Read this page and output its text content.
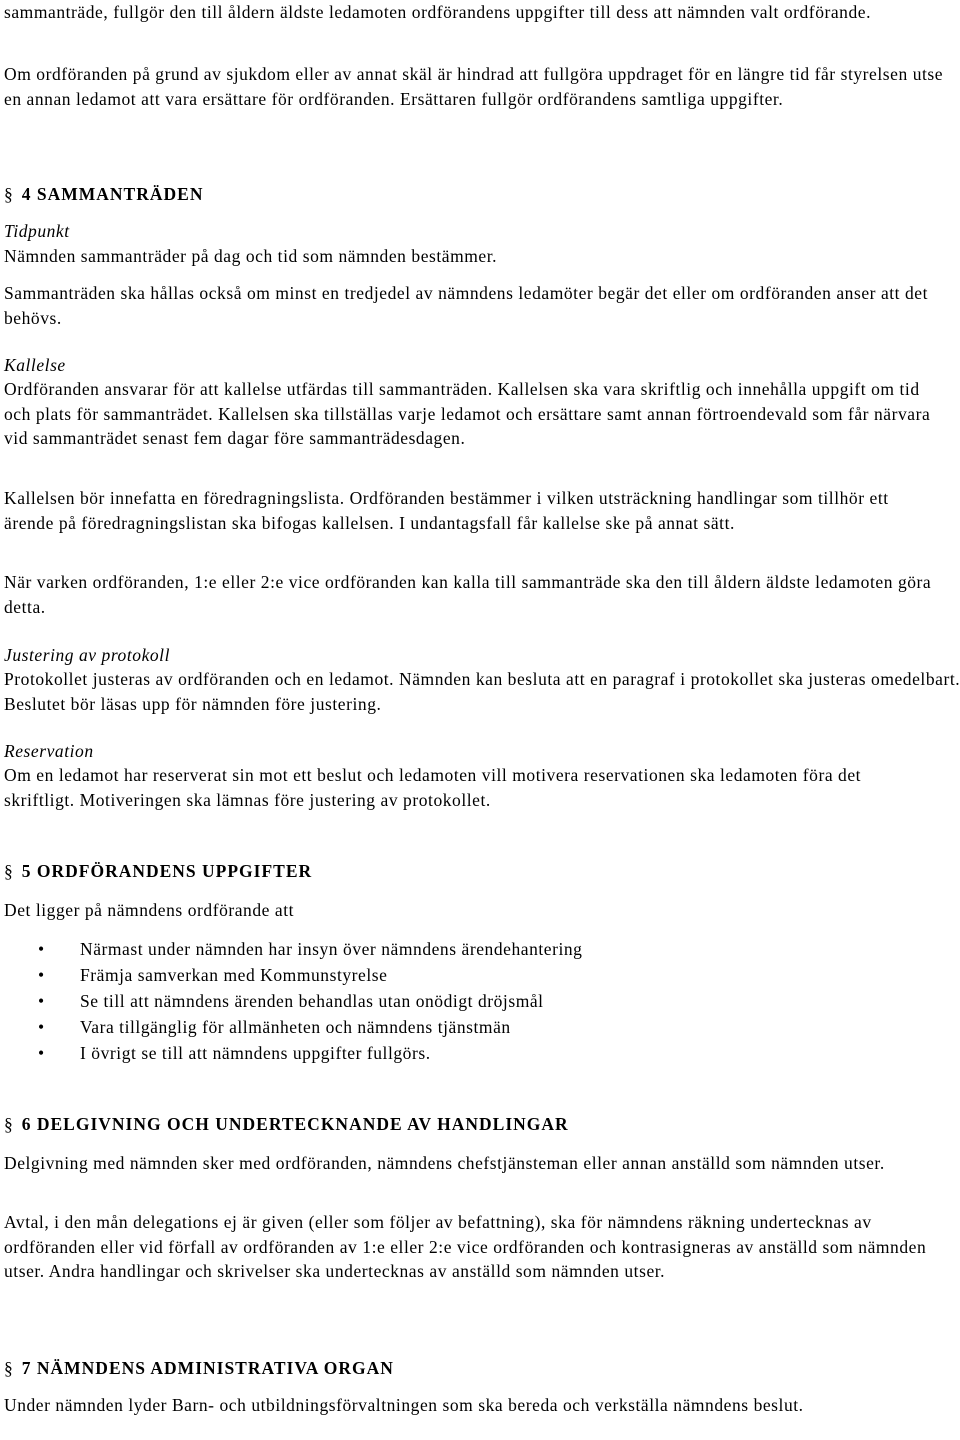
sammanträde, fullgör den till åldern äldste ledamoten ordförandens uppgifter till dess att nämnden valt ordförande.

Om ordföranden på grund av sjukdom eller av annat skäl är hindrad att fullgöra uppdraget för en längre tid får styrelsen utse en annan ledamot att vara ersättare för ordföranden. Ersättaren fullgör ordförandens samtliga uppgifter.

§ 4 SAMMANTRÄDEN

Tidpunkt

Nämnden sammanträder på dag och tid som nämnden bestämmer.

Sammanträden ska hållas också om minst en tredjedel av nämndens ledamöter begär det eller om ordföranden anser att det behövs.

Kallelse

Ordföranden ansvarar för att kallelse utfärdas till sammanträden. Kallelsen ska vara skriftlig och innehålla uppgift om tid och plats för sammanträdet. Kallelsen ska tillställas varje ledamot och ersättare samt annan förtroendevald som får närvara vid sammanträdet senast fem dagar före sammanträdesdagen.

Kallelsen bör innefatta en föredragningslista. Ordföranden bestämmer i vilken utsträckning handlingar som tillhör ett ärende på föredragningslistan ska bifogas kallelsen. I undantagsfall får kallelse ske på annat sätt.

När varken ordföranden, 1:e eller 2:e vice ordföranden kan kalla till sammanträde ska den till åldern äldste ledamoten göra detta.

Justering av protokoll

Protokollet justeras av ordföranden och en ledamot. Nämnden kan besluta att en paragraf i protokollet ska justeras omedelbart. Beslutet bör läsas upp för nämnden före justering.

Reservation

Om en ledamot har reserverat sin mot ett beslut och ledamoten vill motivera reservationen ska ledamoten föra det skriftligt. Motiveringen ska lämnas före justering av protokollet.

§ 5 ORDFÖRANDENS UPPGIFTER

Det ligger på nämndens ordförande att

• Närmast under nämnden har insyn över nämndens ärendehantering
• Främja samverkan med Kommunstyrelse
• Se till att nämndens ärenden behandlas utan onödigt dröjsmål
• Vara tillgänglig för allmänheten och nämndens tjänstmän
• I övrigt se till att nämndens uppgifter fullgörs.

§ 6 DELGIVNING OCH UNDERTECKNANDE AV HANDLINGAR

Delgivning med nämnden sker med ordföranden, nämndens chefstjänsteman eller annan anställd som nämnden utser.

Avtal, i den mån delegations ej är given (eller som följer av befattning), ska för nämndens räkning undertecknas av ordföranden eller vid förfall av ordföranden av 1:e eller 2:e vice ordföranden och kontrasigneras av anställd som nämnden utser. Andra handlingar och skrivelser ska undertecknas av anställd som nämnden utser.

§ 7 NÄMNDENS ADMINISTRATIVA ORGAN

Under nämnden lyder Barn- och utbildningsförvaltningen som ska bereda och verkställa nämndens beslut.
